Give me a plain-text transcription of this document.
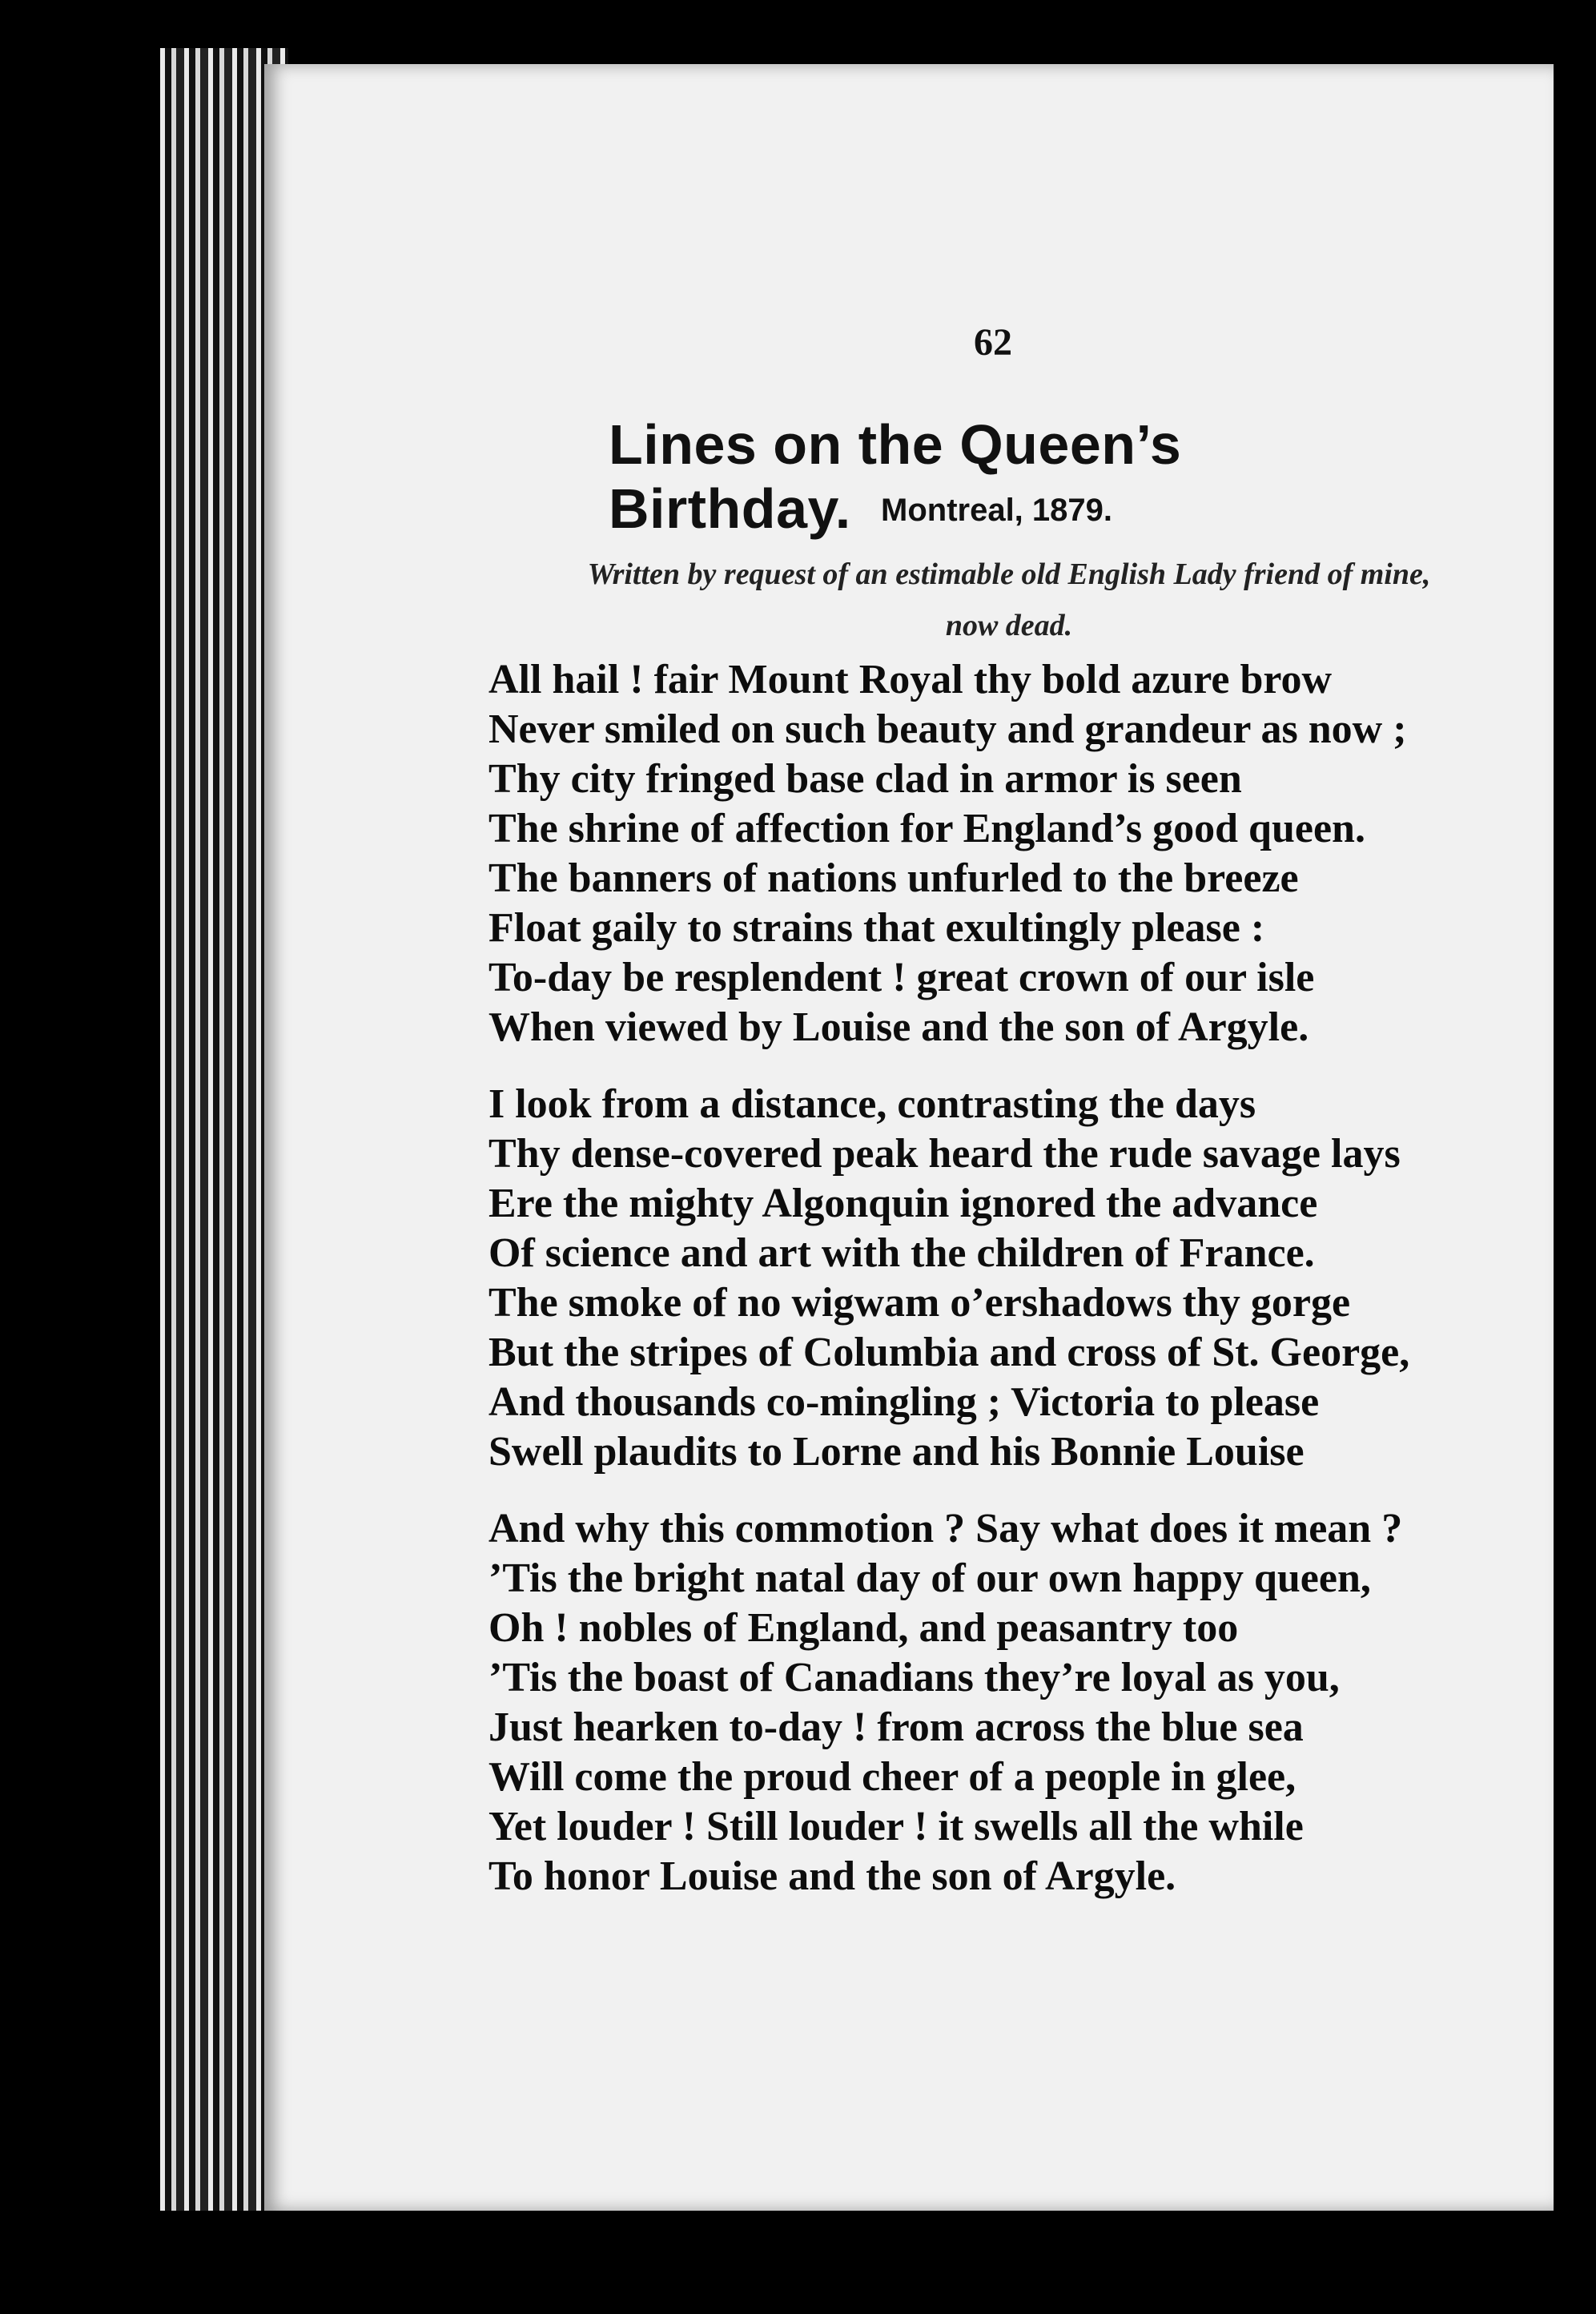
62
Lines on the Queen’s Birthday. Montreal, 1879.
Written by request of an estimable old English Lady friend of mine,
now dead.
All hail ! fair Mount Royal thy bold azure brow
Never smiled on such beauty and grandeur as now ;
Thy city fringed base clad in armor is seen
The shrine of affection for England’s good queen.
The banners of nations unfurled to the breeze
Float gaily to strains that exultingly please :
To-day be resplendent ! great crown of our isle
When viewed by Louise and the son of Argyle.
I look from a distance, contrasting the days
Thy dense-covered peak heard the rude savage lays
Ere the mighty Algonquin ignored the advance
Of science and art with the children of France.
The smoke of no wigwam o’ershadows thy gorge
But the stripes of Columbia and cross of St. George,
And thousands co-mingling ; Victoria to please
Swell plaudits to Lorne and his Bonnie Louise
And why this commotion ? Say what does it mean ?
’Tis the bright natal day of our own happy queen,
Oh ! nobles of England, and peasantry too
’Tis the boast of Canadians they’re loyal as you,
Just hearken to-day ! from across the blue sea
Will come the proud cheer of a people in glee,
Yet louder ! Still louder ! it swells all the while
To honor Louise and the son of Argyle.
